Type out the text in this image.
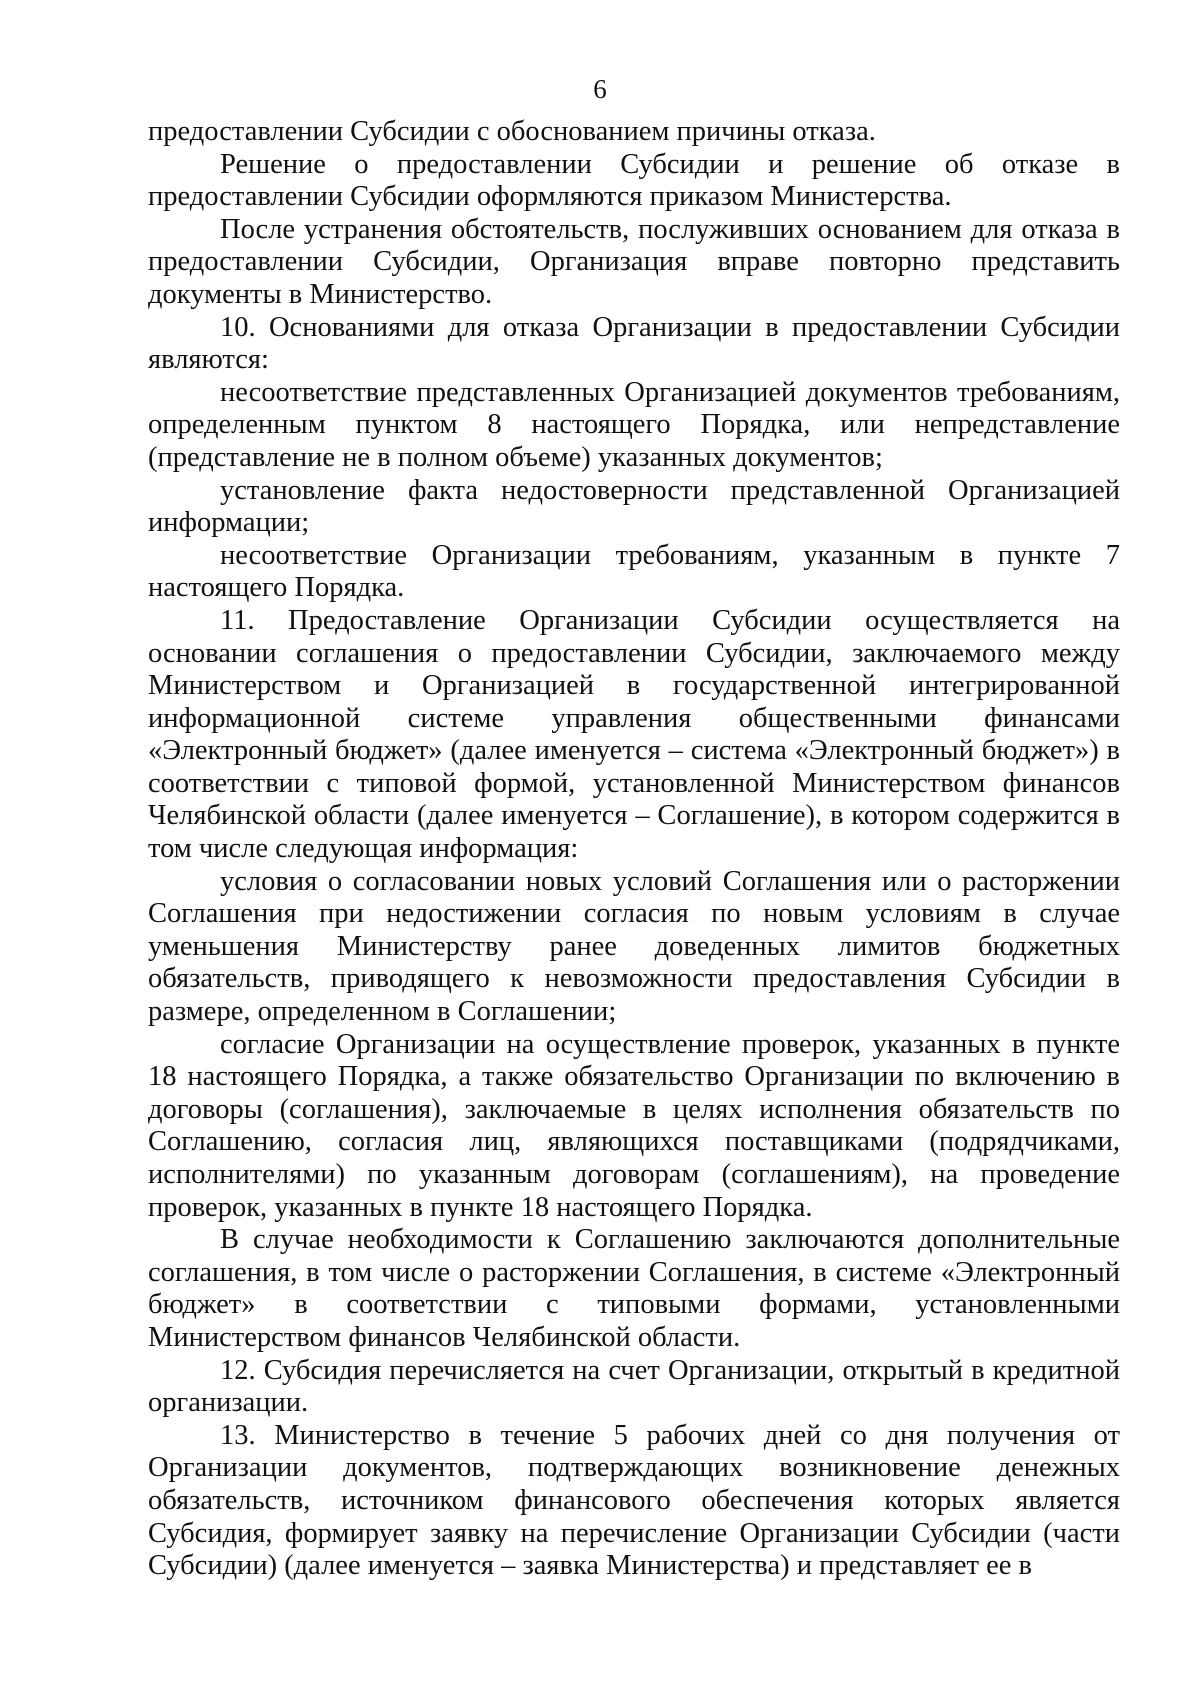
6

предоставлении Субсидии с обоснованием причины отказа.

Решение о предоставлении Субсидии и решение об отказе в предоставлении Субсидии оформляются приказом Министерства.

После устранения обстоятельств, послуживших основанием для отказа в предоставлении Субсидии, Организация вправе повторно представить документы в Министерство.

10. Основаниями для отказа Организации в предоставлении Субсидии являются:

несоответствие представленных Организацией документов требованиям, определенным пунктом 8 настоящего Порядка, или непредставление (представление не в полном объеме) указанных документов;

установление факта недостоверности представленной Организацией информации;

несоответствие Организации требованиям, указанным в пункте 7 настоящего Порядка.

11. Предоставление Организации Субсидии осуществляется на основании соглашения о предоставлении Субсидии, заключаемого между Министерством и Организацией в государственной интегрированной информационной системе управления общественными финансами «Электронный бюджет» (далее именуется – система «Электронный бюджет») в соответствии с типовой формой, установленной Министерством финансов Челябинской области (далее именуется – Соглашение), в котором содержится в том числе следующая информация:

условия о согласовании новых условий Соглашения или о расторжении Соглашения при недостижении согласия по новым условиям в случае уменьшения Министерству ранее доведенных лимитов бюджетных обязательств, приводящего к невозможности предоставления Субсидии в размере, определенном в Соглашении;

согласие Организации на осуществление проверок, указанных в пункте 18 настоящего Порядка, а также обязательство Организации по включению в договоры (соглашения), заключаемые в целях исполнения обязательств по Соглашению, согласия лиц, являющихся поставщиками (подрядчиками, исполнителями) по указанным договорам (соглашениям), на проведение проверок, указанных в пункте 18 настоящего Порядка.

В случае необходимости к Соглашению заключаются дополнительные соглашения, в том числе о расторжении Соглашения, в системе «Электронный бюджет» в соответствии с типовыми формами, установленными Министерством финансов Челябинской области.

12. Субсидия перечисляется на счет Организации, открытый в кредитной организации.

13. Министерство в течение 5 рабочих дней со дня получения от Организации документов, подтверждающих возникновение денежных обязательств, источником финансового обеспечения которых является Субсидия, формирует заявку на перечисление Организации Субсидии (части Субсидии) (далее именуется – заявка Министерства) и представляет ее в
